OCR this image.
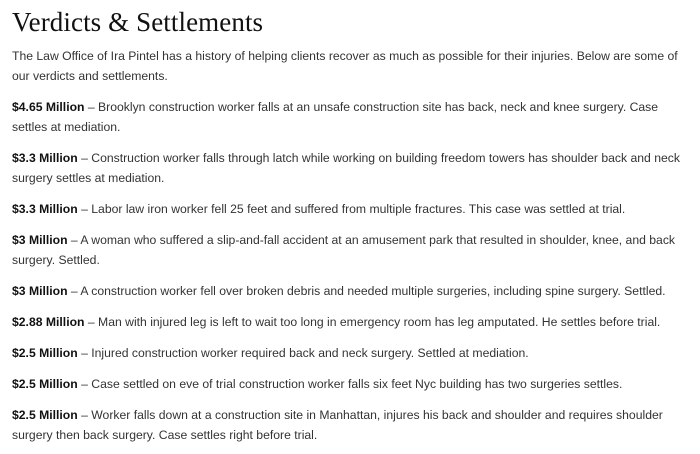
Verdicts & Settlements

The Law Office of Ira Pintel has a history of helping clients recover as much as possible for their injuries. Below are some of our verdicts and settlements.

$4.65 Million – Brooklyn construction worker falls at an unsafe construction site has back, neck and knee surgery. Case settles at mediation.

$3.3 Million – Construction worker falls through latch while working on building freedom towers has shoulder back and neck surgery settles at mediation.

$3.3 Million – Labor law iron worker fell 25 feet and suffered from multiple fractures. This case was settled at trial.

$3 Million – A woman who suffered a slip-and-fall accident at an amusement park that resulted in shoulder, knee, and back surgery. Settled.

$3 Million – A construction worker fell over broken debris and needed multiple surgeries, including spine surgery. Settled.

$2.88 Million – Man with injured leg is left to wait too long in emergency room has leg amputated. He settles before trial.

$2.5 Million – Injured construction worker required back and neck surgery. Settled at mediation.

$2.5 Million – Case settled on eve of trial construction worker falls six feet Nyc building has two surgeries settles.

$2.5 Million – Worker falls down at a construction site in Manhattan, injures his back and shoulder and requires shoulder surgery then back surgery. Case settles right before trial.
